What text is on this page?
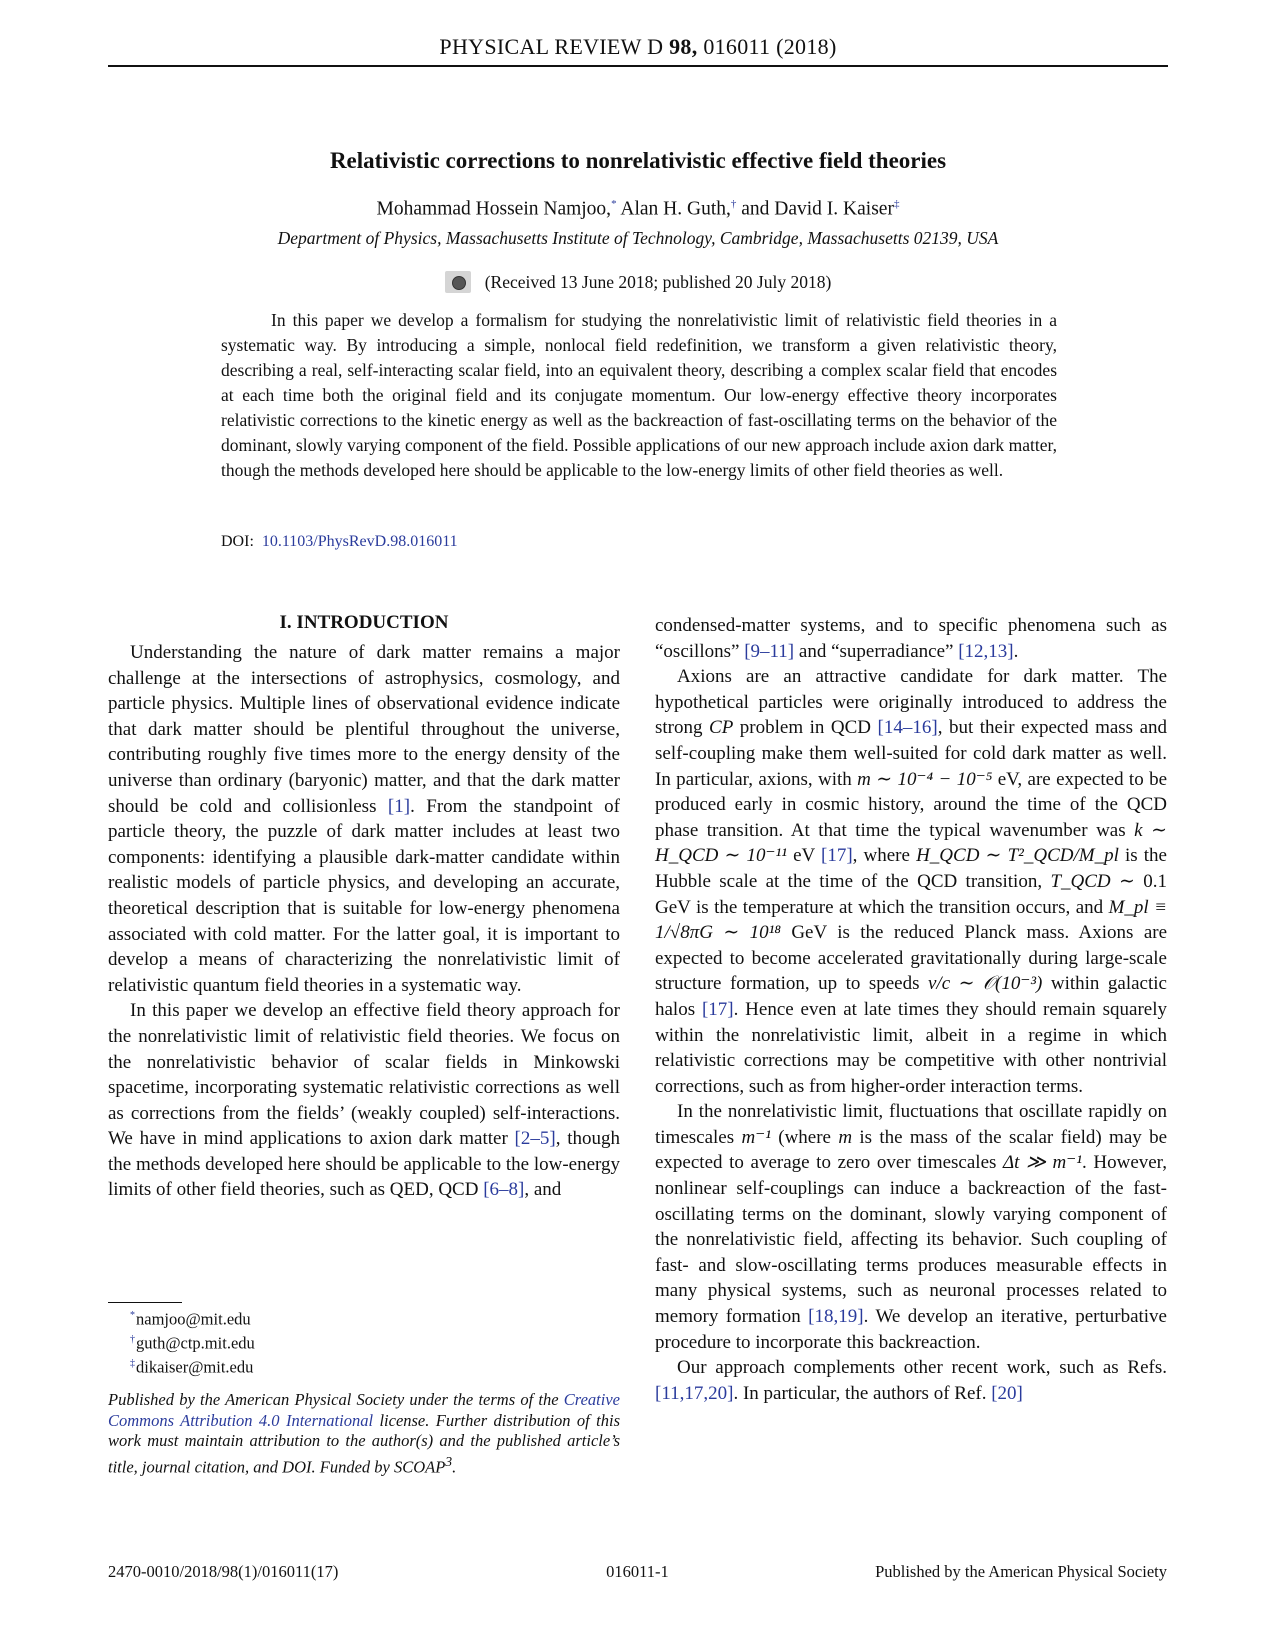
PHYSICAL REVIEW D 98, 016011 (2018)
Relativistic corrections to nonrelativistic effective field theories
Mohammad Hossein Namjoo,* Alan H. Guth,† and David I. Kaiser‡
Department of Physics, Massachusetts Institute of Technology, Cambridge, Massachusetts 02139, USA
(Received 13 June 2018; published 20 July 2018)
In this paper we develop a formalism for studying the nonrelativistic limit of relativistic field theories in a systematic way. By introducing a simple, nonlocal field redefinition, we transform a given relativistic theory, describing a real, self-interacting scalar field, into an equivalent theory, describing a complex scalar field that encodes at each time both the original field and its conjugate momentum. Our low-energy effective theory incorporates relativistic corrections to the kinetic energy as well as the backreaction of fast-oscillating terms on the behavior of the dominant, slowly varying component of the field. Possible applications of our new approach include axion dark matter, though the methods developed here should be applicable to the low-energy limits of other field theories as well.
DOI: 10.1103/PhysRevD.98.016011
I. INTRODUCTION

Understanding the nature of dark matter remains a major challenge at the intersections of astrophysics, cosmology, and particle physics. Multiple lines of observational evidence indicate that dark matter should be plentiful throughout the universe, contributing roughly five times more to the energy density of the universe than ordinary (baryonic) matter, and that the dark matter should be cold and collisionless [1]. From the standpoint of particle theory, the puzzle of dark matter includes at least two components: identifying a plausible dark-matter candidate within realistic models of particle physics, and developing an accurate, theoretical description that is suitable for low-energy phenomena associated with cold matter. For the latter goal, it is important to develop a means of characterizing the nonrelativistic limit of relativistic quantum field theories in a systematic way.

In this paper we develop an effective field theory approach for the nonrelativistic limit of relativistic field theories. We focus on the nonrelativistic behavior of scalar fields in Minkowski spacetime, incorporating systematic relativistic corrections as well as corrections from the fields’ (weakly coupled) self-interactions. We have in mind applications to axion dark matter [2–5], though the methods developed here should be applicable to the low-energy limits of other field theories, such as QED, QCD [6–8], and

*namjoo@mit.edu
†guth@ctp.mit.edu
‡dikaiser@mit.edu
Published by the American Physical Society under the terms of the Creative Commons Attribution 4.0 International license. Further distribution of this work must maintain attribution to the author(s) and the published article’s title, journal citation, and DOI. Funded by SCOAP$^3$.

condensed-matter systems, and to specific phenomena such as “oscillons” [9–11] and “superradiance” [12,13].

Axions are an attractive candidate for dark matter. The hypothetical particles were originally introduced to address the strong CP problem in QCD [14–16], but their expected mass and self-coupling make them well-suited for cold dark matter as well. In particular, axions, with m ∼ 10⁻⁴ − 10⁻⁵ eV, are expected to be produced early in cosmic history, around the time of the QCD phase transition. At that time the typical wavenumber was k ∼ H_QCD ∼ 10⁻¹¹ eV [17], where H_QCD ∼ T²_QCD/M_pl is the Hubble scale at the time of the QCD transition, T_QCD ∼ 0.1 GeV is the temperature at which the transition occurs, and M_pl ≡ 1/√8πG ∼ 10¹⁸ GeV is the reduced Planck mass. Axions are expected to become accelerated gravitationally during large-scale structure formation, up to speeds v/c ∼ 𝒪(10⁻³) within galactic halos [17]. Hence even at late times they should remain squarely within the nonrelativistic limit, albeit in a regime in which relativistic corrections may be competitive with other nontrivial corrections, such as from higher-order interaction terms.

In the nonrelativistic limit, fluctuations that oscillate rapidly on timescales m⁻¹ (where m is the mass of the scalar field) may be expected to average to zero over timescales Δt ≫ m⁻¹. However, nonlinear self-couplings can induce a backreaction of the fast-oscillating terms on the dominant, slowly varying component of the nonrelativistic field, affecting its behavior. Such coupling of fast- and slow-oscillating terms produces measurable effects in many physical systems, such as neuronal processes related to memory formation [18,19]. We develop an iterative, perturbative procedure to incorporate this backreaction.

Our approach complements other recent work, such as Refs. [11,17,20]. In particular, the authors of Ref. [20]

2470-0010/2018/98(1)/016011(17)	016011-1	Published by the American Physical Society
